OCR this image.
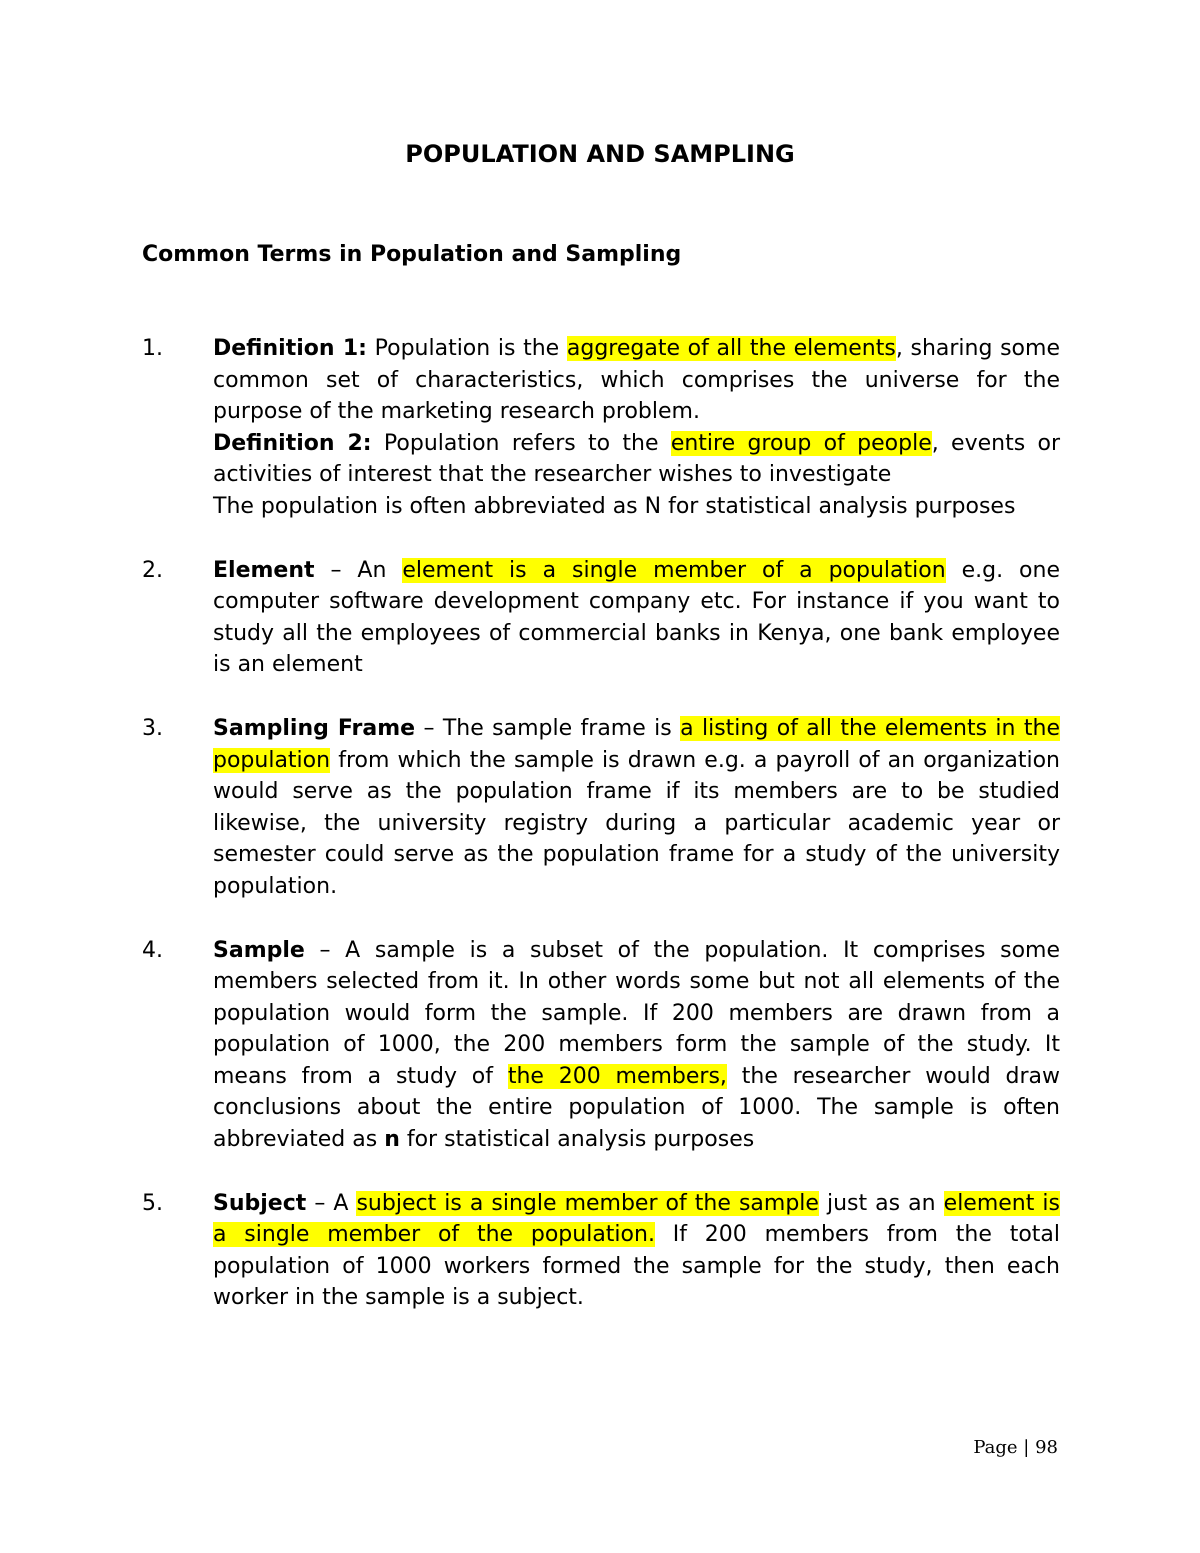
POPULATION AND SAMPLING
Common Terms in Population and Sampling
1. Definition 1: Population is the aggregate of all the elements, sharing some common set of characteristics, which comprises the universe for the purpose of the marketing research problem.

Definition 2: Population refers to the entire group of people, events or activities of interest that the researcher wishes to investigate

The population is often abbreviated as N for statistical analysis purposes

2. Element – An element is a single member of a population e.g. one computer software development company etc. For instance if you want to study all the employees of commercial banks in Kenya, one bank employee is an element

3. Sampling Frame – The sample frame is a listing of all the elements in the population from which the sample is drawn e.g. a payroll of an organization would serve as the population frame if its members are to be studied likewise, the university registry during a particular academic year or semester could serve as the population frame for a study of the university population.

4. Sample – A sample is a subset of the population. It comprises some members selected from it. In other words some but not all elements of the population would form the sample. If 200 members are drawn from a population of 1000, the 200 members form the sample of the study. It means from a study of the 200 members, the researcher would draw conclusions about the entire population of 1000. The sample is often abbreviated as n for statistical analysis purposes

5. Subject – A subject is a single member of the sample just as an element is a single member of the population. If 200 members from the total population of 1000 workers formed the sample for the study, then each worker in the sample is a subject.

Page | 98
